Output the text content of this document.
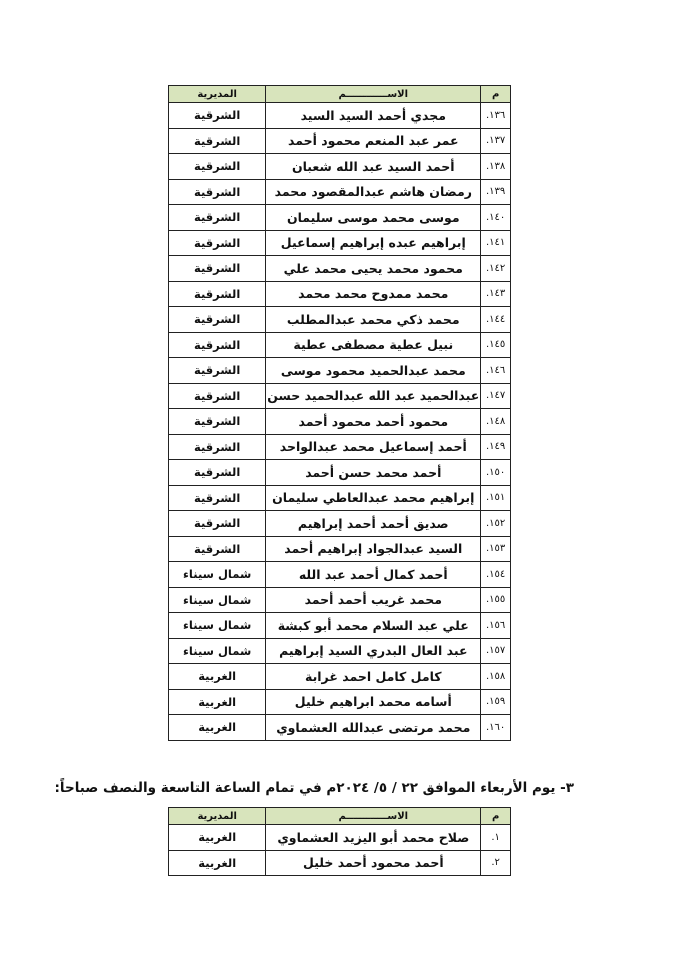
م	الاســــــــــــم	المديرية
١٣٦.	مجدي أحمد السيد السيد	الشرقية
١٣٧.	عمر عبد المنعم محمود أحمد	الشرقية
١٣٨.	أحمد السيد عبد الله شعبان	الشرقية
١٣٩.	رمضان هاشم عبدالمقصود محمد	الشرقية
١٤٠.	موسى محمد موسى سليمان	الشرقية
١٤١.	إبراهيم عبده إبراهيم إسماعيل	الشرقية
١٤٢.	محمود محمد يحيى محمد علي	الشرقية
١٤٣.	محمد ممدوح محمد محمد	الشرقية
١٤٤.	محمد ذكي محمد عبدالمطلب	الشرقية
١٤٥.	نبيل عطية مصطفى عطية	الشرقية
١٤٦.	محمد عبدالحميد محمود موسى	الشرقية
١٤٧.	عبدالحميد عبد الله عبدالحميد حسن	الشرقية
١٤٨.	محمود أحمد محمود أحمد	الشرقية
١٤٩.	أحمد إسماعيل محمد عبدالواحد	الشرقية
١٥٠.	أحمد محمد حسن أحمد	الشرقية
١٥١.	إبراهيم محمد عبدالعاطي سليمان	الشرقية
١٥٢.	صديق أحمد أحمد إبراهيم	الشرقية
١٥٣.	السيد عبدالجواد إبراهيم أحمد	الشرقية
١٥٤.	أحمد كمال أحمد عبد الله	شمال سيناء
١٥٥.	محمد غريب أحمد أحمد	شمال سيناء
١٥٦.	علي عبد السلام محمد أبو كبشة	شمال سيناء
١٥٧.	عبد العال البدري السيد إبراهيم	شمال سيناء
١٥٨.	كامل كامل احمد غرابة	الغربية
١٥٩.	أسامه محمد ابراهيم خليل	الغربية
١٦٠.	محمد مرتضى عبدالله العشماوي	الغربية
٣- يوم الأربعاء الموافق ٢٢ / ٥/ ٢٠٢٤م في تمام الساعة التاسعة والنصف صباحاً:
م	الاســــــــــــم	المديرية
١.	صلاح محمد أبو اليزيد العشماوي	الغربية
٢.	أحمد محمود أحمد خليل	الغربية
